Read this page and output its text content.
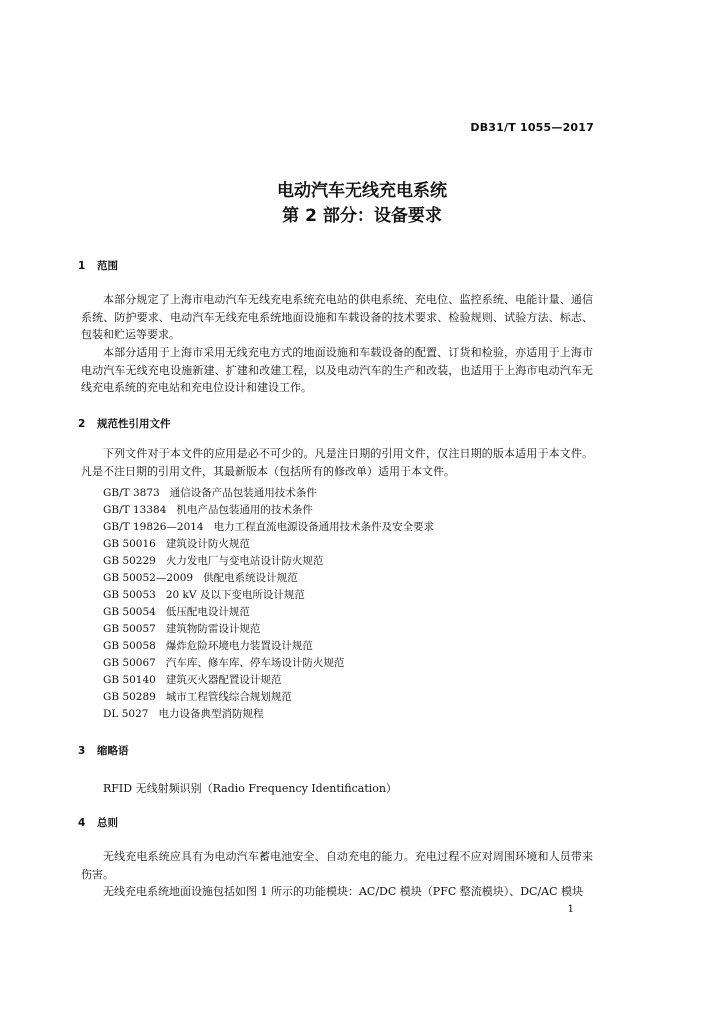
DB31/T 1055—2017
电动汽车无线充电系统
第 2 部分：设备要求
1 范围
本部分规定了上海市电动汽车无线充电系统充电站的供电系统、充电位、监控系统、电能计量、通信系统、防护要求、电动汽车无线充电系统地面设施和车载设备的技术要求、检验规则、试验方法、标志、包装和贮运等要求。
本部分适用于上海市采用无线充电方式的地面设施和车载设备的配置、订货和检验，亦适用于上海市电动汽车无线充电设施新建、扩建和改建工程，以及电动汽车的生产和改装，也适用于上海市电动汽车无线充电系统的充电站和充电位设计和建设工作。
2 规范性引用文件
下列文件对于本文件的应用是必不可少的。凡是注日期的引用文件，仅注日期的版本适用于本文件。凡是不注日期的引用文件，其最新版本（包括所有的修改单）适用于本文件。
GB/T 3873 通信设备产品包装通用技术条件
GB/T 13384 机电产品包装通用的技术条件
GB/T 19826—2014 电力工程直流电源设备通用技术条件及安全要求
GB 50016 建筑设计防火规范
GB 50229 火力发电厂与变电站设计防火规范
GB 50052—2009 供配电系统设计规范
GB 50053 20 kV 及以下变电所设计规范
GB 50054 低压配电设计规范
GB 50057 建筑物防雷设计规范
GB 50058 爆炸危险环境电力装置设计规范
GB 50067 汽车库、修车库、停车场设计防火规范
GB 50140 建筑灭火器配置设计规范
GB 50289 城市工程管线综合规划规范
DL 5027 电力设备典型消防规程
3 缩略语
RFID 无线射频识别（Radio Frequency Identification）
4 总则
无线充电系统应具有为电动汽车蓄电池安全、自动充电的能力。充电过程不应对周围环境和人员带来伤害。
无线充电系统地面设施包括如图 1 所示的功能模块：AC/DC 模块（PFC 整流模块）、DC/AC 模块
1
